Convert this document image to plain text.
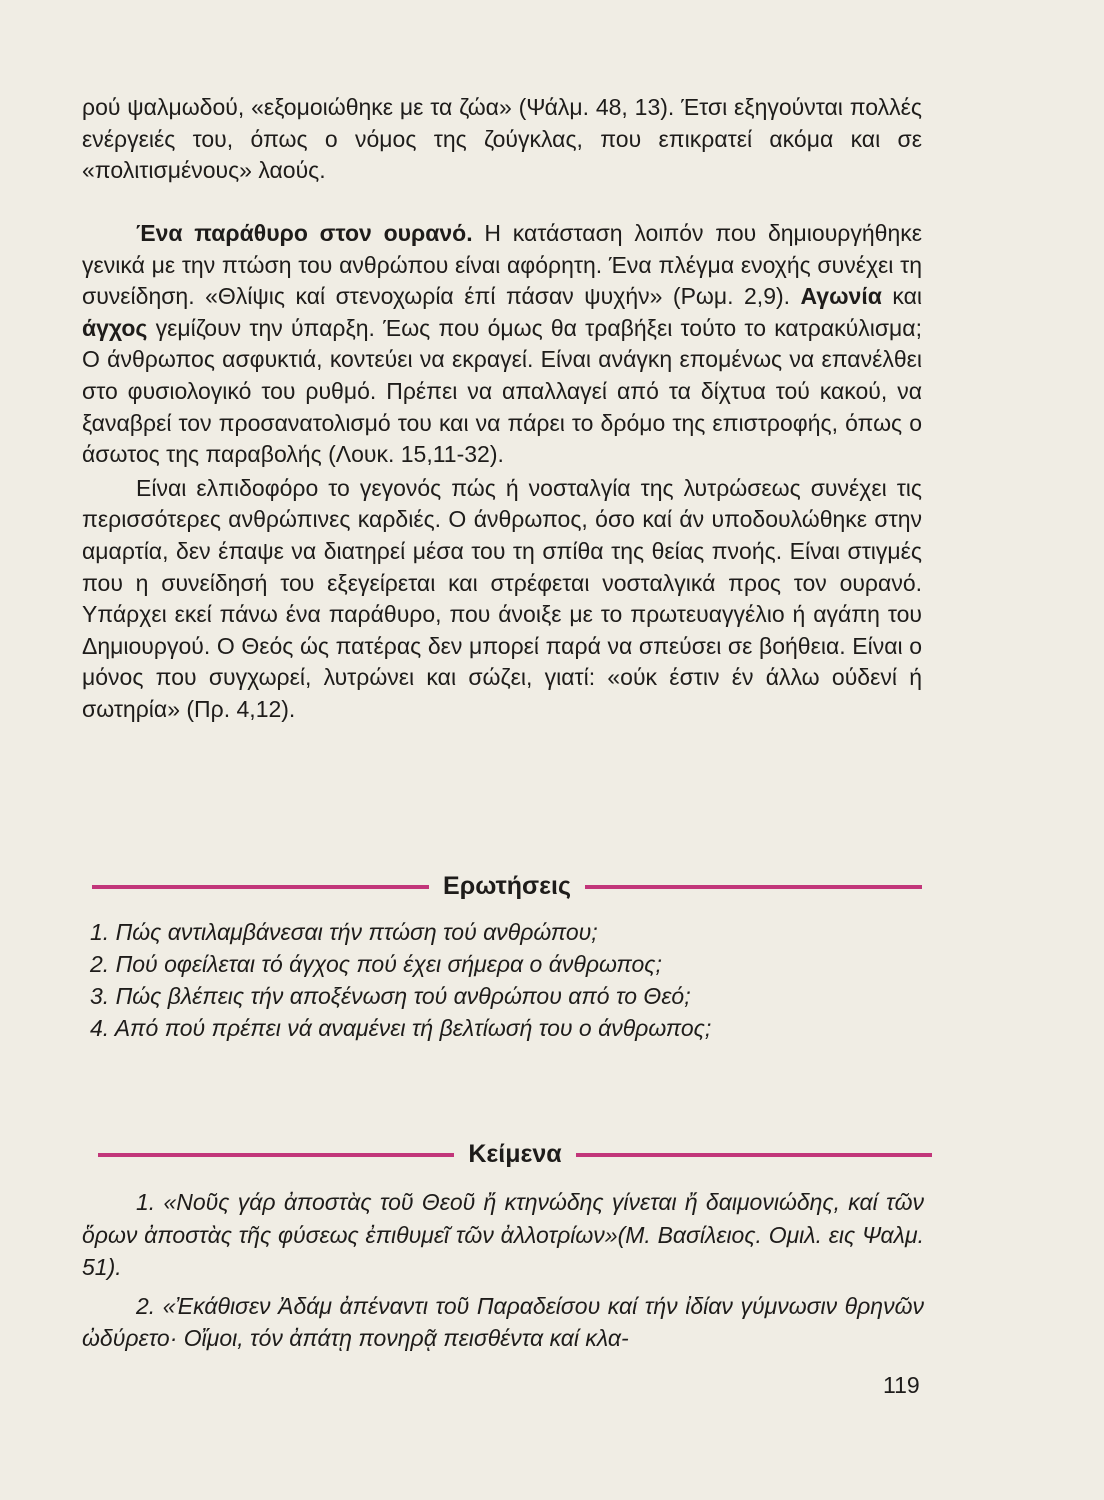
ρού ψαλμωδού, «εξομοιώθηκε με τα ζώα» (Ψάλμ. 48, 13). Έτσι εξηγούνται πολλές ενέργειές του, όπως ο νόμος της ζούγκλας, που επικρατεί ακόμα και σε «πολιτισμένους» λαούς.

Ένα παράθυρο στον ουρανό. Η κατάσταση λοιπόν που δημιουργήθηκε γενικά με την πτώση του ανθρώπου είναι αφόρητη. Ένα πλέγμα ενοχής συνέχει τη συνείδηση. «Θλίψις καί στενοχωρία έπί πάσαν ψυχήν» (Ρωμ. 2,9). Αγωνία και άγχος γεμίζουν την ύπαρξη. Έως που όμως θα τραβήξει τούτο το κατρακύλισμα; Ο άνθρωπος ασφυκτιά, κοντεύει να εκραγεί. Είναι ανάγκη επομένως να επανέλθει στο φυσιολογικό του ρυθμό. Πρέπει να απαλλαγεί από τα δίχτυα τού κακού, να ξαναβρεί τον προσανατολισμό του και να πάρει το δρόμο της επιστροφής, όπως ο άσωτος της παραβολής (Λουκ. 15,11-32).

Είναι ελπιδοφόρο το γεγονός πώς ή νοσταλγία της λυτρώσεως συνέχει τις περισσότερες ανθρώπινες καρδιές. Ο άνθρωπος, όσο καί άν υποδουλώθηκε στην αμαρτία, δεν έπαψε να διατηρεί μέσα του τη σπίθα της θείας πνοής. Είναι στιγμές που η συνείδησή του εξεγείρεται και στρέφεται νοσταλγικά προς τον ουρανό. Υπάρχει εκεί πάνω ένα παράθυρο, που άνοιξε με το πρωτευαγγέλιο ή αγάπη του Δημιουργού. Ο Θεός ώς πατέρας δεν μπορεί παρά να σπεύσει σε βοήθεια. Είναι ο μόνος που συγχωρεί, λυτρώνει και σώζει, γιατί: «ούκ έστιν έν άλλω ούδενί ή σωτηρία» (Πρ. 4,12).

Ερωτήσεις
1. Πώς αντιλαμβάνεσαι τήν πτώση τού ανθρώπου;
2. Πού οφείλεται τό άγχος πού έχει σήμερα ο άνθρωπος;
3. Πώς βλέπεις τήν αποξένωση τού ανθρώπου από το Θεό;
4. Από πού πρέπει νά αναμένει τή βελτίωσή του ο άνθρωπος;
Κείμενα

1. «Νοῦς γάρ ἀποστὰς τοῦ Θεοῦ ἤ κτηνώδης γίνεται ἤ δαιμονιώδης, καί τῶν ὅρων ἀποστὰς τῆς φύσεως ἐπιθυμεῖ τῶν ἀλλοτρίων»(Μ. Βασίλειος. Ομιλ. εις Ψαλμ. 51).

2. «Ἐκάθισεν Ἀδάμ ἀπέναντι τοῦ Παραδείσου καί τήν ἰδίαν γύμνωσιν θρηνῶν ὠδύρετο· Οἴμοι, τόν ἀπάτῃ πονηρᾷ πεισθέντα καί κλα-

119
